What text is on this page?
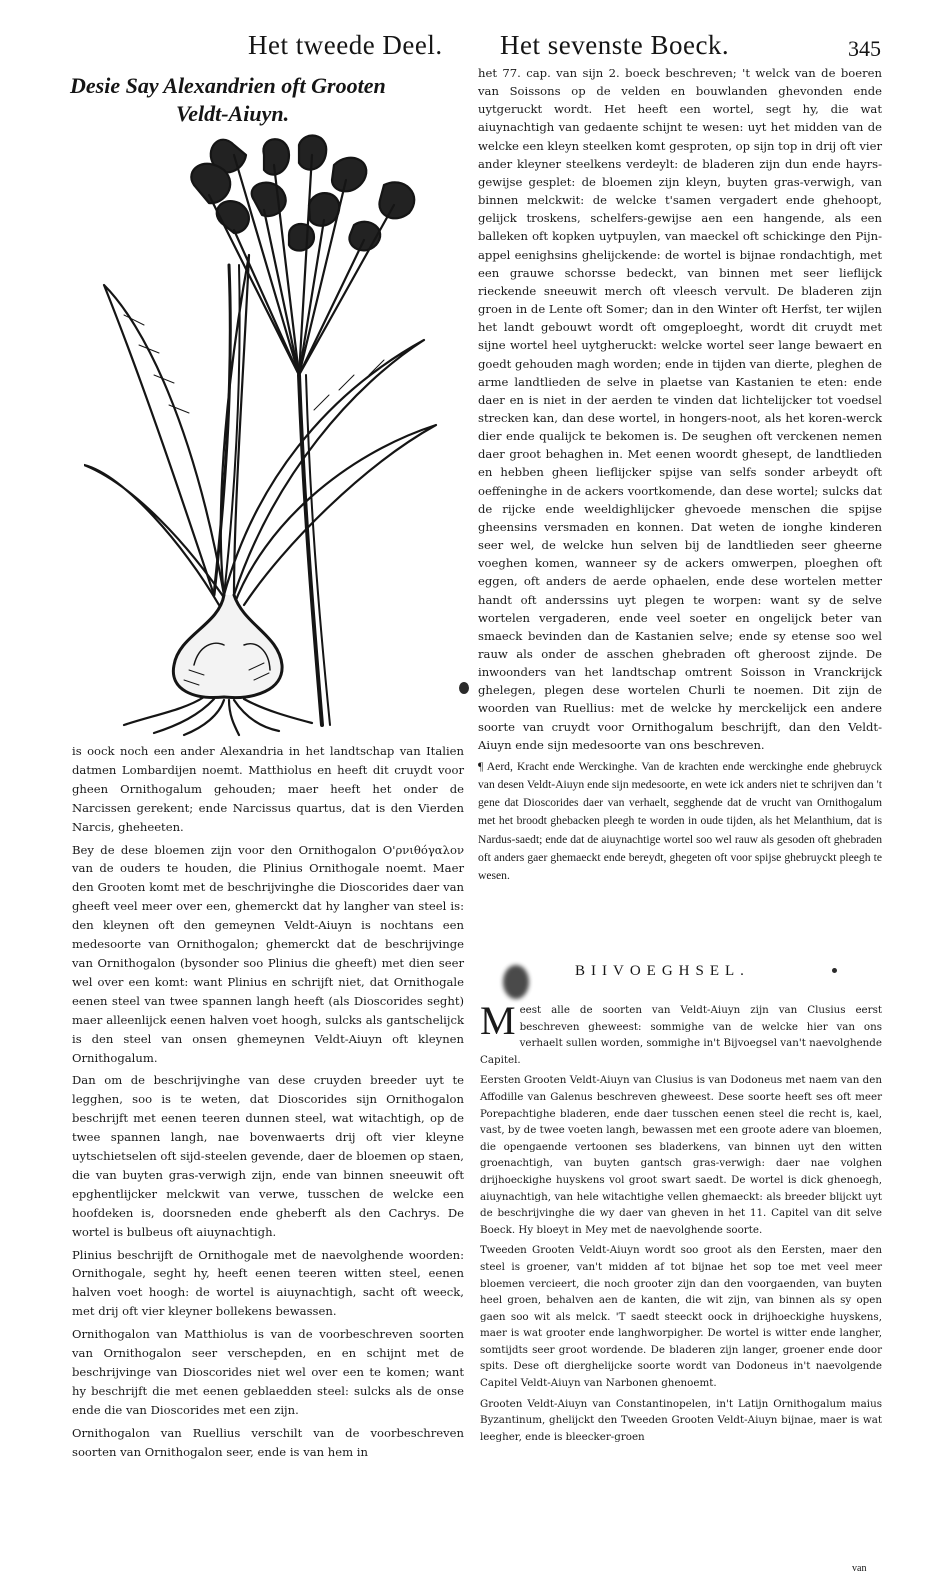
Het tweede Deel. Het sevenste Boeck.	345
Desie Say Alexandrien oft Grooten
Veldt-Aiuyn.

het 77. cap. van sijn 2. boeck beschreven; 't welck van de boeren van Soissons op de velden en bouwlanden ghevonden ende uytgeruckt wordt. Het heeft een wortel, segt hy, die wat aiuynachtigh van gedaente schijnt te wesen: uyt het midden van de welcke een kleyn steelken komt gesproten, op sijn top in drij oft vier ander kleyner steelkens verdeylt: de bladeren zijn dun ende hayrs-gewijse gesplet: de bloemen zijn kleyn, buyten gras-verwigh, van binnen melckwit: de welcke t'samen vergadert ende ghehoopt, gelijck troskens, schelfers-gewijse aen een hangende, als een balleken oft kopken uytpuylen, van maeckel oft schickinge den Pijn-appel eenighsins ghelijckende: de wortel is bijnae rondachtigh, met een grauwe schorsse bedeckt, van binnen met seer lieflijck rieckende sneeuwit merch oft vleesch vervult. De bladeren zijn groen in de Lente oft Somer; dan in den Winter oft Herfst, ter wijlen het landt gebouwt wordt oft omgeploeght, wordt dit cruydt met sijne wortel heel uytgheruckt: welcke wortel seer lange bewaert en goedt gehouden magh worden; ende in tijden van dierte, pleghen de arme landtlieden de selve in plaetse van Kastanien te eten: ende daer en is niet in der aerden te vinden dat lichtelijcker tot voedsel strecken kan, dan dese wortel, in hongers-noot, als het koren-werck dier ende qualijck te bekomen is. De seughen oft verckenen nemen daer groot behaghen in. Met eenen woordt ghesept, de landtlieden en hebben gheen lieflijcker spijse van selfs sonder arbeydt oft oeffeninghe in de ackers voortkomende, dan dese wortel; sulcks dat de rijcke ende weeldighlijcker ghevoede menschen die spijse gheensins versmaden en konnen. Dat weten de ionghe kinderen seer wel, de welcke hun selven bij de landtlieden seer gheerne voeghen komen, wanneer sy de ackers omwerpen, ploeghen oft eggen, oft anders de aerde ophaelen, ende dese wortelen metter handt oft anderssins uyt plegen te worpen: want sy de selve wortelen vergaderen, ende veel soeter en ongelijck beter van smaeck bevinden dan de Kastanien selve; ende sy etense soo wel rauw als onder de asschen ghebraden oft gheroost zijnde. De inwoonders van het landtschap omtrent Soisson in Vranckrijck ghelegen, plegen dese wortelen Churli te noemen. Dit zijn de woorden van Ruellius: met de welcke hy merckelijck een andere soorte van cruydt voor Ornithogalum beschrijft, dan den Veldt-Aiuyn ende sijn medesoorte van ons beschreven.

¶ Aerd, Kracht ende Werckinghe. Van de krachten ende werckinghe ende ghebruyck van desen Veldt-Aiuyn ende sijn medesoorte, en wete ick anders niet te schrijven dan 't gene dat Dioscorides daer van verhaelt, segghende dat de vrucht van Ornithogalum met het broodt ghebacken pleegh te worden in oude tijden, als het Melanthium, dat is Nardus-saedt; ende dat de aiuynachtige wortel soo wel rauw als gesoden oft ghebraden oft anders gaer ghemaeckt ende bereydt, ghegeten oft voor spijse ghebruyckt pleegh te wesen.

is oock noch een ander Alexandria in het landtschap van Italien datmen Lombardijen noemt. Matthiolus en heeft dit cruydt voor gheen Ornithogalum gehouden; maer heeft het onder de Narcissen gerekent; ende Narcissus quartus, dat is den Vierden Narcis, gheheeten.

Bey de dese bloemen zijn voor den Ornithogalon O'ρνιθόγαλον van de ouders te houden, die Plinius Ornithogale noemt. Maer den Grooten komt met de beschrijvinghe die Dioscorides daer van gheeft veel meer over een, ghemerckt dat hy langher van steel is: den kleynen oft den gemeynen Veldt-Aiuyn is nochtans een medesoorte van Ornithogalon; ghemerckt dat de beschrijvinge van Ornithogalon (bysonder soo Plinius die gheeft) met dien seer wel over een komt: want Plinius en schrijft niet, dat Ornithogale eenen steel van twee spannen langh heeft (als Dioscorides seght) maer alleenlijck eenen halven voet hoogh, sulcks als gantschelijck is den steel van onsen ghemeynen Veldt-Aiuyn oft kleynen Ornithogalum.

Dan om de beschrijvinghe van dese cruyden breeder uyt te legghen, soo is te weten, dat Dioscorides sijn Ornithogalon beschrijft met eenen teeren dunnen steel, wat witachtigh, op de twee spannen langh, nae bovenwaerts drij oft vier kleyne uytschietselen oft sijd-steelen gevende, daer de bloemen op staen, die van buyten gras-verwigh zijn, ende van binnen sneeuwit oft epghentlijcker melckwit van verwe, tusschen de welcke een hoofdeken is, doorsneden ende gheberft als den Cachrys. De wortel is bulbeus oft aiuynachtigh.

Plinius beschrijft de Ornithogale met de naevolghende woorden: Ornithogale, seght hy, heeft eenen teeren witten steel, eenen halven voet hoogh: de wortel is aiuynachtigh, sacht oft weeck, met drij oft vier kleyner bollekens bewassen.

Ornithogalon van Matthiolus is van de voorbeschreven soorten van Ornithogalon seer verschepden, en en schijnt met de beschrijvinge van Dioscorides niet wel over een te komen; want hy beschrijft die met eenen geblaedden steel: sulcks als de onse ende die van Dioscorides met een zijn.

Ornithogalon van Ruellius verschilt van de voorbeschreven soorten van Ornithogalon seer, ende is van hem in

BIIVOEGHSEL.

Meest alle de soorten van Veldt-Aiuyn zijn van Clusius eerst beschreven gheweest: sommighe van de welcke hier van ons verhaelt sullen worden, sommighe in't Bijvoegsel van't naevolghende Capitel.

Eersten Grooten Veldt-Aiuyn van Clusius is van Dodoneus met naem van den Affodille van Galenus beschreven gheweest. Dese soorte heeft ses oft meer Porepachtighe bladeren, ende daer tusschen eenen steel die recht is, kael, vast, by de twee voeten langh, bewassen met een groote adere van bloemen, die opengaende vertoonen ses bladerkens, van binnen uyt den witten groenachtigh, van buyten gantsch gras-verwigh: daer nae volghen drijhoeckighe huyskens vol groot swart saedt. De wortel is dick ghenoegh, aiuynachtigh, van hele witachtighe vellen ghemaeckt: als breeder blijckt uyt de beschrijvinghe die wy daer van gheven in het 11. Capitel van dit selve Boeck. Hy bloeyt in Mey met de naevolghende soorte.

Tweeden Grooten Veldt-Aiuyn wordt soo groot als den Eersten, maer den steel is groener, van't midden af tot bijnae het sop toe met veel meer bloemen vercieert, die noch grooter zijn dan den voorgaenden, van buyten heel groen, behalven aen de kanten, die wit zijn, van binnen als sy open gaen soo wit als melck. 'T saedt steeckt oock in drijhoeckighe huyskens, maer is wat grooter ende langhworpigher. De wortel is witter ende langher, somtijdts seer groot wordende. De bladeren zijn langer, groener ende door spits. Dese oft dierghelijcke soorte wordt van Dodoneus in't naevolgende Capitel Veldt-Aiuyn van Narbonen ghenoemt.

Grooten Veldt-Aiuyn van Constantinopelen, in't Latijn Ornithogalum maius Byzantinum, ghelijckt den Tweeden Grooten Veldt-Aiuyn bijnae, maer is wat leegher, ende is bleecker-groen

van
